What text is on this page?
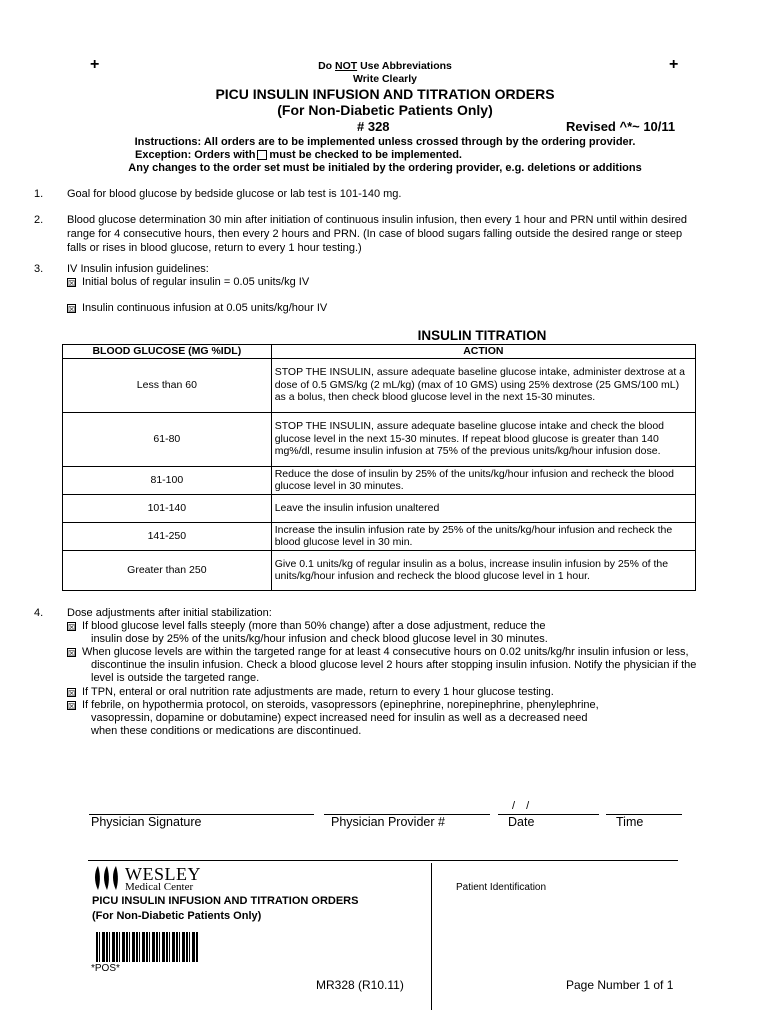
+	+
Do NOT Use Abbreviations
Write Clearly
PICU INSULIN INFUSION AND TITRATION ORDERS
(For Non-Diabetic Patients Only)
# 328	Revised ^*~ 10/11
Instructions: All orders are to be implemented unless crossed through by the ordering provider.
Exception: Orders with must be checked to be implemented.
Any changes to the order set must be initialed by the ordering provider, e.g. deletions or additions
1. Goal for blood glucose by bedside glucose or lab test is 101-140 mg.
2. Blood glucose determination 30 min after initiation of continuous insulin infusion, then every 1 hour and PRN until within desired
range for 4 consecutive hours, then every 2 hours and PRN. (In case of blood sugars falling outside the desired range or steep
falls or rises in blood glucose, return to every 1 hour testing.)
3. IV Insulin infusion guidelines:
☒ Initial bolus of regular insulin = 0.05 units/kg IV
☒ Insulin continuous infusion at 0.05 units/kg/hour IV
INSULIN TITRATION
BLOOD GLUCOSE (MG %IDL)	ACTION
Less than 60	STOP THE INSULIN, assure adequate baseline glucose intake, administer dextrose at a dose of 0.5 GMS/kg (2 mL/kg) (max of 10 GMS) using 25% dextrose (25 GMS/100 mL) as a bolus, then check blood glucose level in the next 15-30 minutes.
61-80	STOP THE INSULIN, assure adequate baseline glucose intake and check the blood glucose level in the next 15-30 minutes. If repeat blood glucose is greater than 140 mg%/dl, resume insulin infusion at 75% of the previous units/kg/hour infusion dose.
81-100	Reduce the dose of insulin by 25% of the units/kg/hour infusion and recheck the blood glucose level in 30 minutes.
101-140	Leave the insulin infusion unaltered
141-250	Increase the insulin infusion rate by 25% of the units/kg/hour infusion and recheck the blood glucose level in 30 min.
Greater than 250	Give 0.1 units/kg of regular insulin as a bolus, increase insulin infusion by 25% of the units/kg/hour infusion and recheck the blood glucose level in 1 hour.
4. Dose adjustments after initial stabilization:
☒ If blood glucose level falls steeply (more than 50% change) after a dose adjustment, reduce the
insulin dose by 25% of the units/kg/hour infusion and check blood glucose level in 30 minutes.
☒ When glucose levels are within the targeted range for at least 4 consecutive hours on 0.02 units/kg/hr insulin infusion or less,
discontinue the insulin infusion. Check a blood glucose level 2 hours after stopping insulin infusion. Notify the physician if the
level is outside the targeted range.
☒ If TPN, enteral or oral nutrition rate adjustments are made, return to every 1 hour glucose testing.
☒ If febrile, on hypothermia protocol, on steroids, vasopressors (epinephrine, norepinephrine, phenylephrine,
vasopressin, dopamine or dobutamine) expect increased need for insulin as well as a decreased need
when these conditions or medications are discontinued.
/ /
Physician Signature	Physician Provider #	Date	Time
WESLEY
Medical Center	Patient Identification
PICU INSULIN INFUSION AND TITRATION ORDERS
(For Non-Diabetic Patients Only)
*POS*
MR328 (R10.11)	Page Number 1 of 1
